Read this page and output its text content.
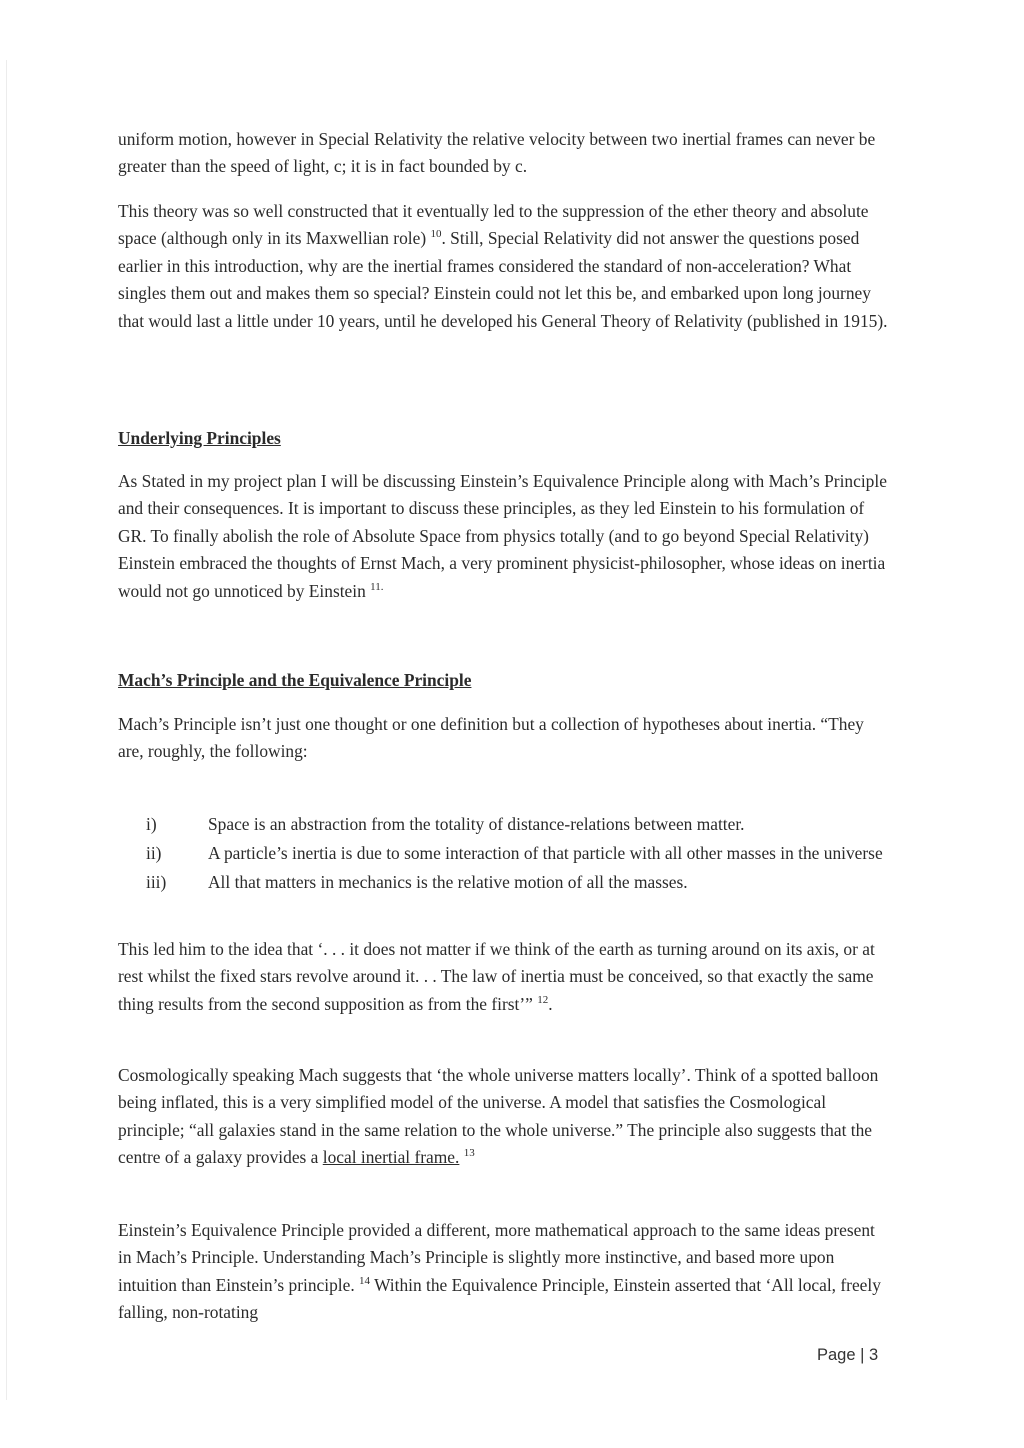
uniform motion, however in Special Relativity the relative velocity between two inertial frames can never be greater than the speed of light, c; it is in fact bounded by c.

This theory was so well constructed that it eventually led to the suppression of the ether theory and absolute space (although only in its Maxwellian role) $^{10}$. Still, Special Relativity did not answer the questions posed earlier in this introduction, why are the inertial frames considered the standard of non-acceleration? What singles them out and makes them so special? Einstein could not let this be, and embarked upon long journey that would last a little under 10 years, until he developed his General Theory of Relativity (published in 1915).

Underlying Principles

As Stated in my project plan I will be discussing Einstein’s Equivalence Principle along with Mach’s Principle and their consequences. It is important to discuss these principles, as they led Einstein to his formulation of GR. To finally abolish the role of Absolute Space from physics totally (and to go beyond Special Relativity) Einstein embraced the thoughts of Ernst Mach, a very prominent physicist-philosopher, whose ideas on inertia would not go unnoticed by Einstein $^{11.}$

Mach’s Principle and the Equivalence Principle

Mach’s Principle isn’t just one thought or one definition but a collection of hypotheses about inertia. “They are, roughly, the following:

i)	Space is an abstraction from the totality of distance-relations between matter.
ii)	A particle’s inertia is due to some interaction of that particle with all other masses in the universe
iii) All that matters in mechanics is the relative motion of all the masses.

This led him to the idea that ‘. . . it does not matter if we think of the earth as turning around on its axis, or at rest whilst the fixed stars revolve around it. . . The law of inertia must be conceived, so that exactly the same thing results from the second supposition as from the first’” $^{12}$.

Cosmologically speaking Mach suggests that ‘the whole universe matters locally’. Think of a spotted balloon being inflated, this is a very simplified model of the universe. A model that satisfies the Cosmological principle; “all galaxies stand in the same relation to the whole universe.” The principle also suggests that the centre of a galaxy provides a local inertial frame. $^{13}$

Einstein’s Equivalence Principle provided a different, more mathematical approach to the same ideas present in Mach’s Principle. Understanding Mach’s Principle is slightly more instinctive, and based more upon intuition than Einstein’s principle. $^{14}$ Within the Equivalence Principle, Einstein asserted that ‘All local, freely falling, non-rotating

Page | 3
